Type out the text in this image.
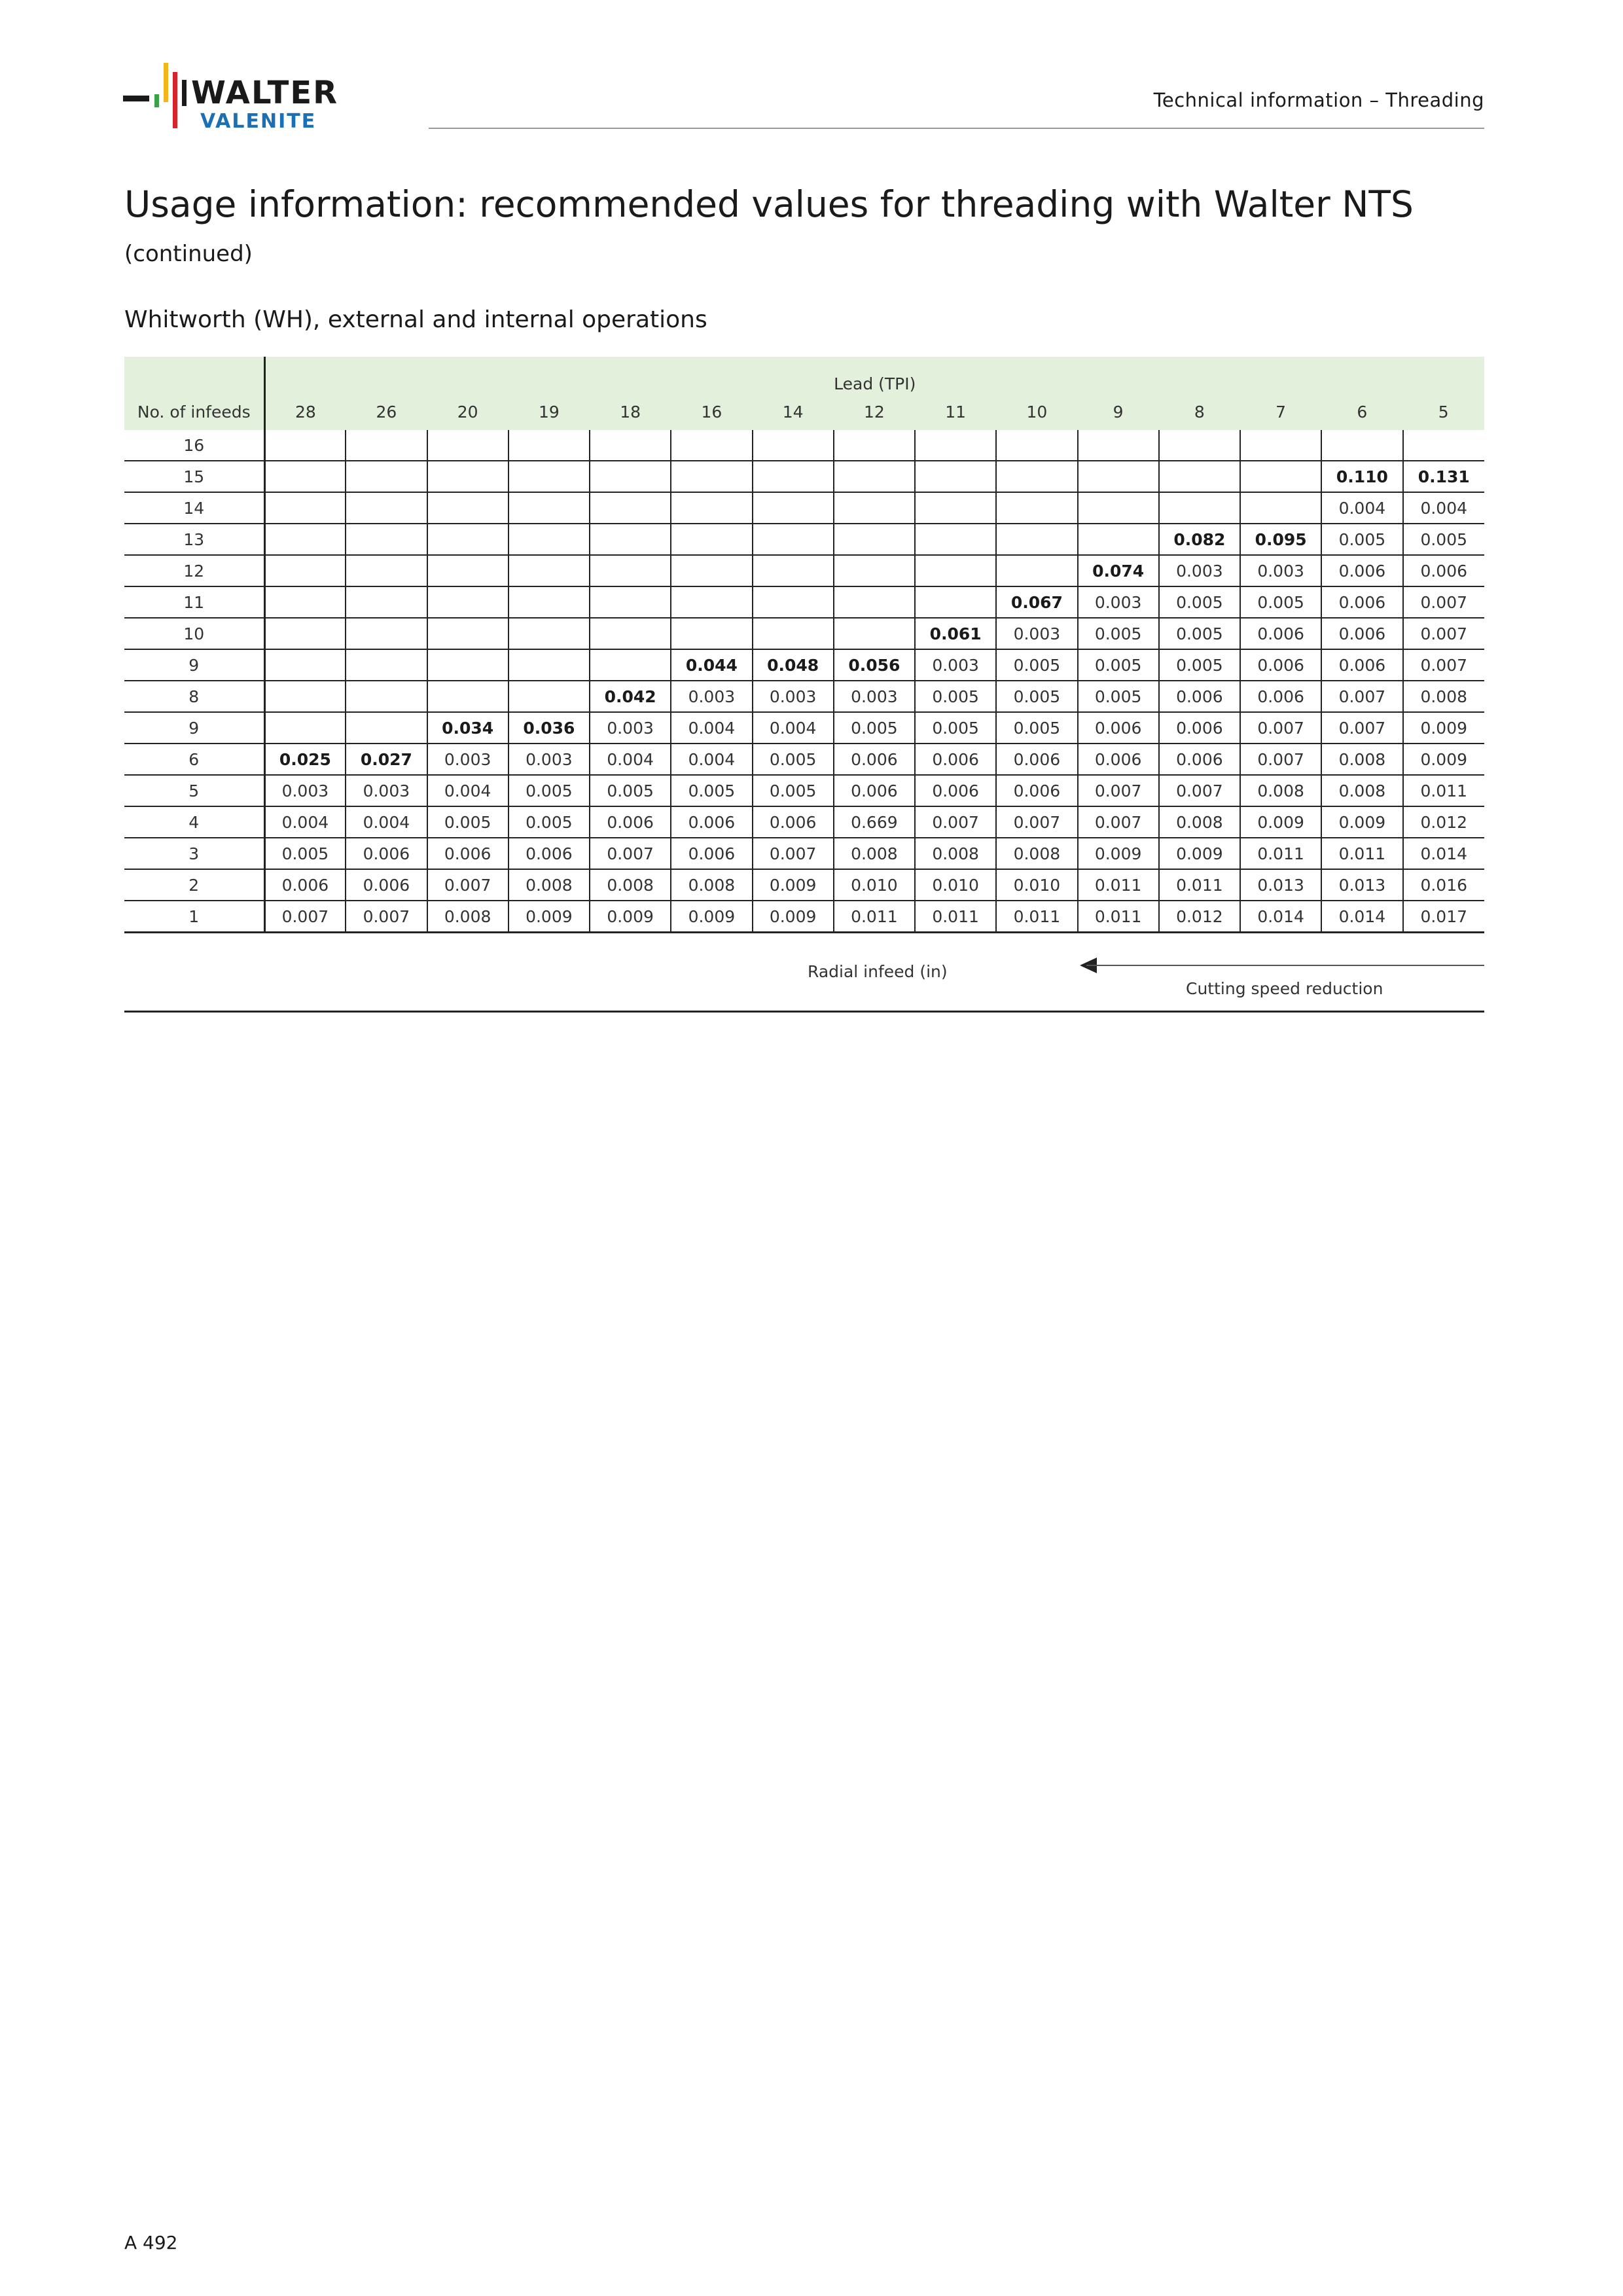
WALTER
VALENITE
Technical information – Threading
Usage information: recommended values for threading with Walter NTS
(continued)
Whitworth (WH), external and internal operations
	Lead (TPI)														
No. of infeeds	28	26	20	19	18	16	14	12	11	10	9	8	7	6	5
16															
15														0.110	0.131
14														0.004	0.004
13												0.082	0.095	0.005	0.005
12											0.074	0.003	0.003	0.006	0.006
11										0.067	0.003	0.005	0.005	0.006	0.007
10									0.061	0.003	0.005	0.005	0.006	0.006	0.007
9						0.044	0.048	0.056	0.003	0.005	0.005	0.005	0.006	0.006	0.007
8					0.042	0.003	0.003	0.003	0.005	0.005	0.005	0.006	0.006	0.007	0.008
9			0.034	0.036	0.003	0.004	0.004	0.005	0.005	0.005	0.006	0.006	0.007	0.007	0.009
6	0.025	0.027	0.003	0.003	0.004	0.004	0.005	0.006	0.006	0.006	0.006	0.006	0.007	0.008	0.009
5	0.003	0.003	0.004	0.005	0.005	0.005	0.005	0.006	0.006	0.006	0.007	0.007	0.008	0.008	0.011
4	0.004	0.004	0.005	0.005	0.006	0.006	0.006	0.669	0.007	0.007	0.007	0.008	0.009	0.009	0.012
3	0.005	0.006	0.006	0.006	0.007	0.006	0.007	0.008	0.008	0.008	0.009	0.009	0.011	0.011	0.014
2	0.006	0.006	0.007	0.008	0.008	0.008	0.009	0.010	0.010	0.010	0.011	0.011	0.013	0.013	0.016
1	0.007	0.007	0.008	0.009	0.009	0.009	0.009	0.011	0.011	0.011	0.011	0.012	0.014	0.014	0.017
Radial infeed (in)
Cutting speed reduction
A 492
